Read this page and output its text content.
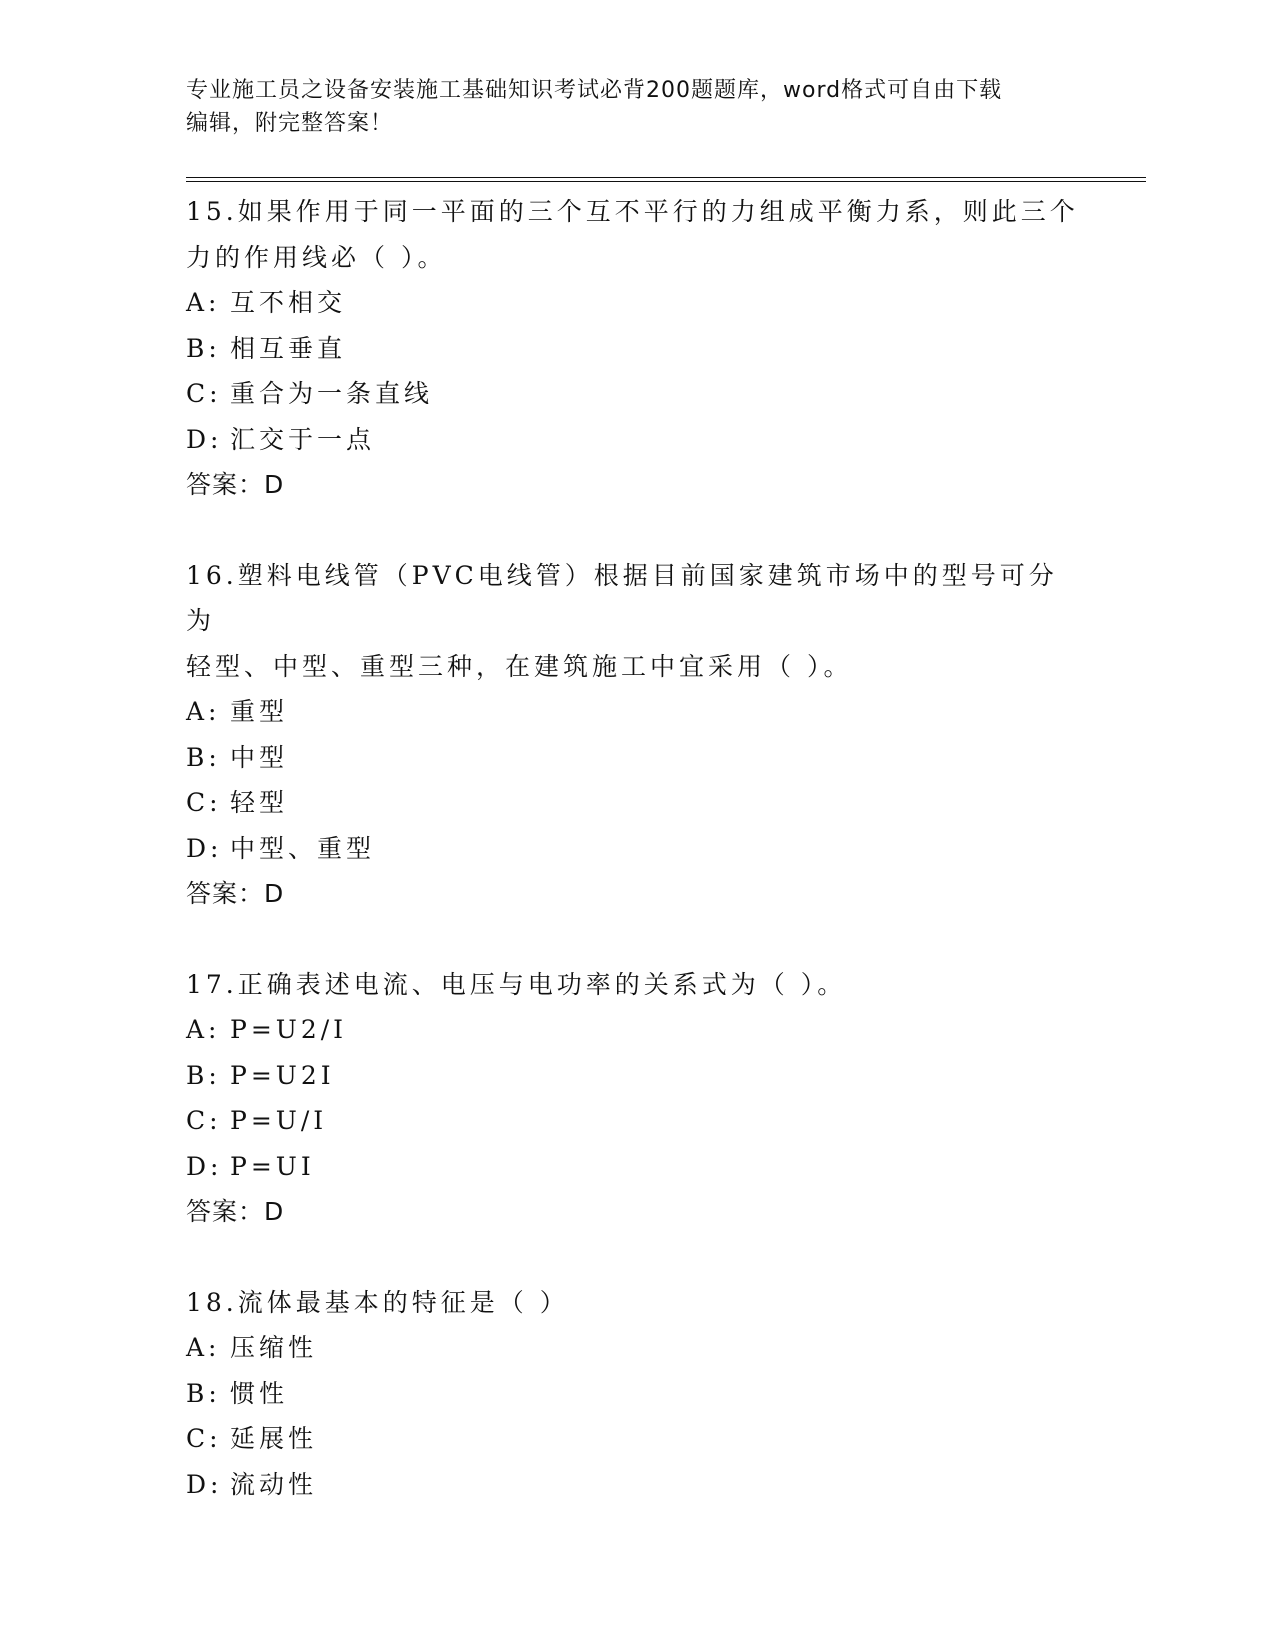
专业施工员之设备安装施工基础知识考试必背200题题库，word格式可自由下载
编辑，附完整答案！
15.如果作用于同一平面的三个互不平行的力组成平衡力系，则此三个
力的作用线必（ ）。
A: 互不相交
B: 相互垂直
C: 重合为一条直线
D: 汇交于一点
答案：D
16.塑料电线管（PVC电线管）根据目前国家建筑市场中的型号可分为
轻型、中型、重型三种，在建筑施工中宜采用（ ）。
A: 重型
B: 中型
C: 轻型
D: 中型、重型
答案：D
17.正确表述电流、电压与电功率的关系式为（ ）。
A: P=U2/I
B: P=U2I
C: P=U/I
D: P=UI
答案：D
18.流体最基本的特征是（ ）
A: 压缩性
B: 惯性
C: 延展性
D: 流动性
